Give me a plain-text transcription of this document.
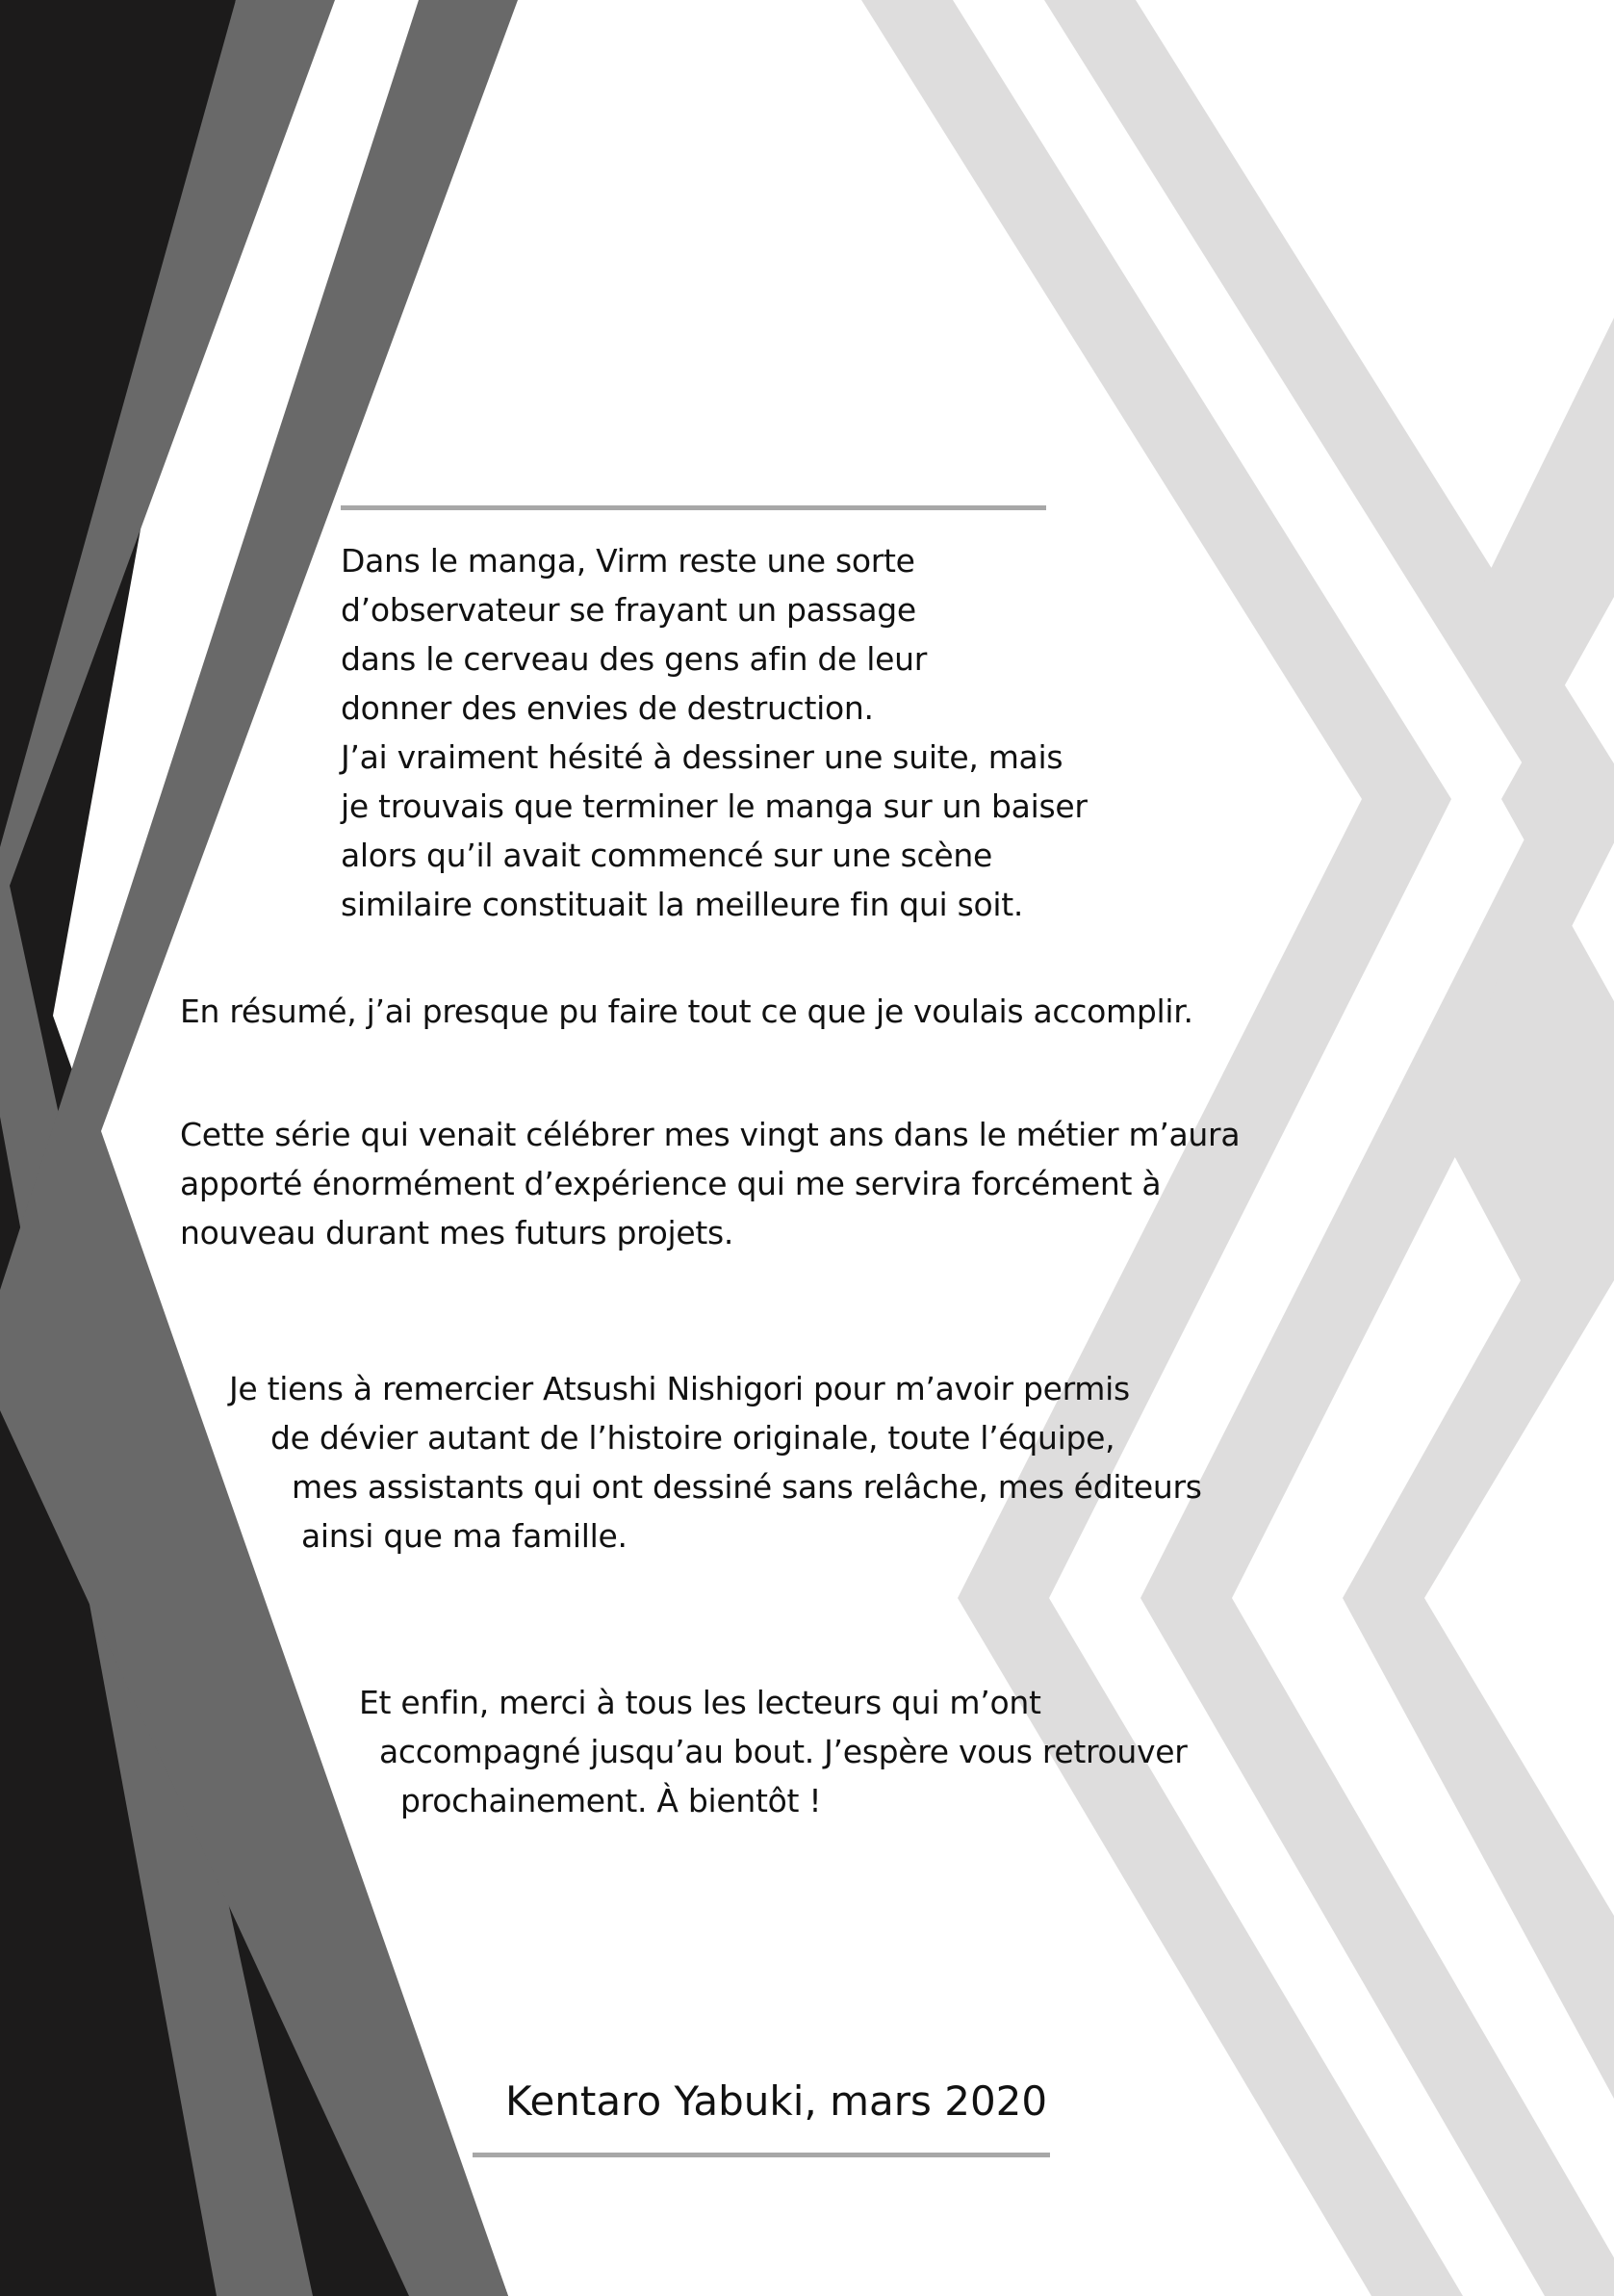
Dans le manga, Virm reste une sorte
d’observateur se frayant un passage
dans le cerveau des gens afin de leur
donner des envies de destruction.
J’ai vraiment hésité à dessiner une suite, mais
je trouvais que terminer le manga sur un baiser
alors qu’il avait commencé sur une scène
similaire constituait la meilleure fin qui soit.
En résumé, j’ai presque pu faire tout ce que je voulais accomplir.
Cette série qui venait célébrer mes vingt ans dans le métier m’aura
apporté énormément d’expérience qui me servira forcément à
nouveau durant mes futurs projets.
Je tiens à remercier Atsushi Nishigori pour m’avoir permis
de dévier autant de l’histoire originale, toute l’équipe,
mes assistants qui ont dessiné sans relâche, mes éditeurs
ainsi que ma famille.
Et enfin, merci à tous les lecteurs qui m’ont
accompagné jusqu’au bout. J’espère vous retrouver
prochainement. À bientôt !
Kentaro Yabuki, mars 2020
